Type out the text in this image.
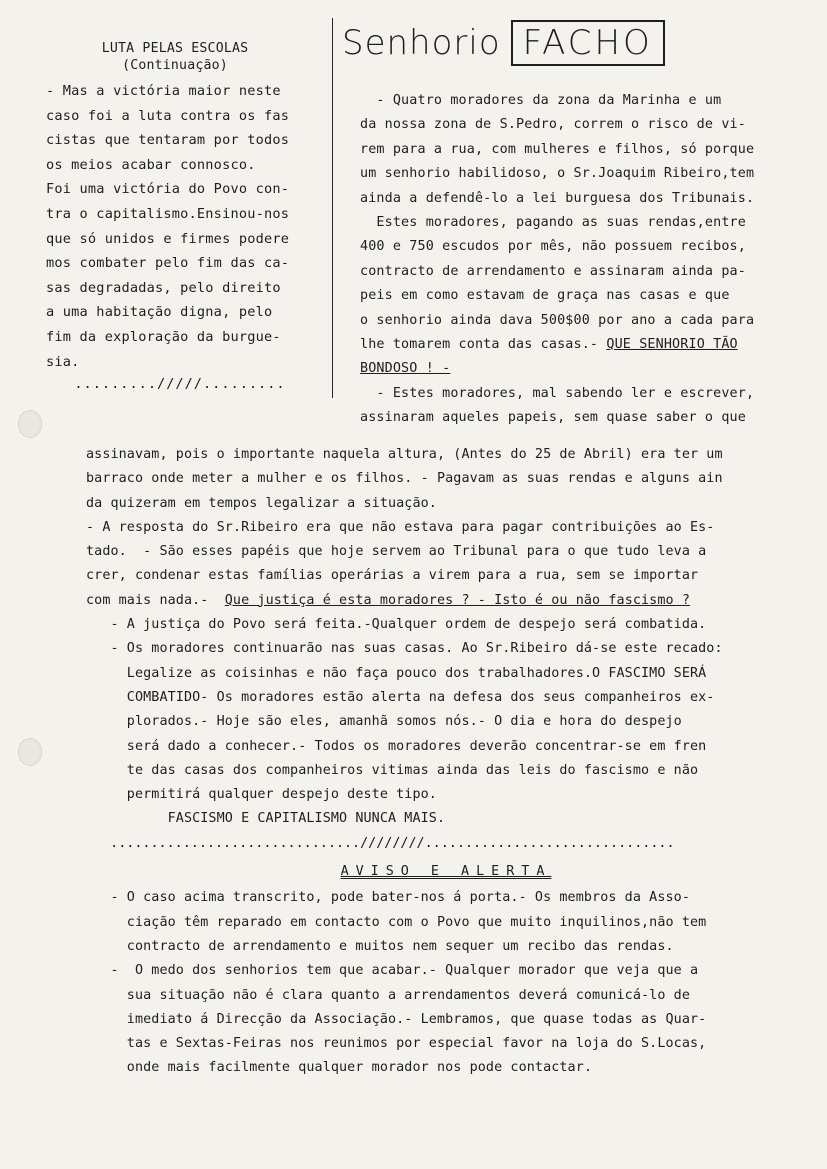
LUTA PELAS ESCOLAS
(Continuação)
- Mas a victória maior neste
caso foi a luta contra os fas
cistas que tentaram por todos
os meios acabar connosco.
Foi uma victória do Povo con-
tra o capitalismo.Ensinou-nos
que só unidos e firmes podere
mos combater pelo fim das ca-
sas degradadas, pelo direito
a uma habitação digna, pelo
fim da exploração da burgue-
sia.
........./////.........
Senhorio FACHO
- Quatro moradores da zona da Marinha e um
da nossa zona de S.Pedro, correm o risco de vi-
rem para a rua, com mulheres e filhos, só porque
um senhorio habilidoso, o Sr.Joaquim Ribeiro,tem
ainda a defendê-lo a lei burguesa dos Tribunais.
Estes moradores, pagando as suas rendas,entre
400 e 750 escudos por mês, não possuem recibos,
contracto de arrendamento e assinaram ainda pa-
peis em como estavam de graça nas casas e que
o senhorio ainda dava 500$00 por ano a cada para
lhe tomarem conta das casas.- QUE SENHORIO TÃO
BONDOSO ! -
- Estes moradores, mal sabendo ler e escrever,
assinaram aqueles papeis, sem quase saber o que
assinavam, pois o importante naquela altura, (Antes do 25 de Abril) era ter um
barraco onde meter a mulher e os filhos. - Pagavam as suas rendas e alguns ain
da quizeram em tempos legalizar a situação.
- A resposta do Sr.Ribeiro era que não estava para pagar contribuições ao Es-
tado.  - São esses papéis que hoje servem ao Tribunal para o que tudo leva a
crer, condenar estas famílias operárias a virem para a rua, sem se importar
com mais nada.-  Que justiça é esta moradores ? - Isto é ou não fascismo ?
- A justiça do Povo será feita.-Qualquer ordem de despejo será combatida.
- Os moradores continuarão nas suas casas. Ao Sr.Ribeiro dá-se este recado:
Legalize as coisinhas e não faça pouco dos trabalhadores.O FASCIMO SERÁ
COMBATIDO- Os moradores estão alerta na defesa dos seus companheiros ex-
plorados.- Hoje são eles, amanhã somos nós.- O dia e hora do despejo
será dado a conhecer.- Todos os moradores deverão concentrar-se em fren
te das casas dos companheiros vitimas ainda das leis do fascismo e não
permitirá qualquer despejo deste tipo.
FASCISMO E CAPITALISMO NUNCA MAIS.
...............................////////...............................
AVISO E ALERTA
- O caso acima transcrito, pode bater-nos á porta.- Os membros da Asso-
ciação têm reparado em contacto com o Povo que muito inquilinos,não tem
contracto de arrendamento e muitos nem sequer um recibo das rendas.
-  O medo dos senhorios tem que acabar.- Qualquer morador que veja que a
sua situação não é clara quanto a arrendamentos deverá comunicá-lo de
imediato á Direcção da Associação.- Lembramos, que quase todas as Quar-
tas e Sextas-Feiras nos reunimos por especial favor na loja do S.Locas,
onde mais facilmente qualquer morador nos pode contactar.
